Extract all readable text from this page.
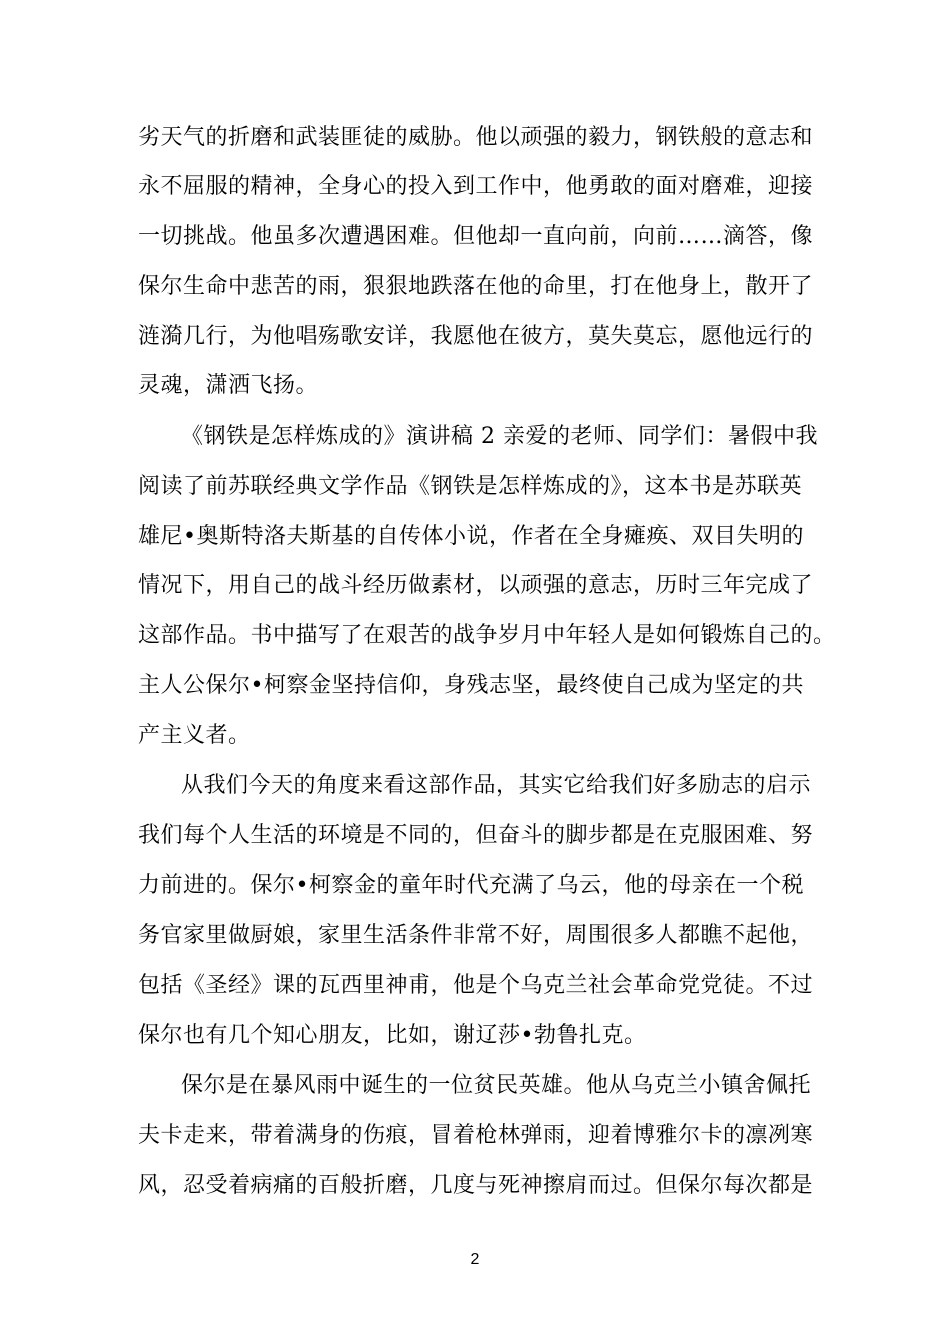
劣天气的折磨和武装匪徒的威胁。他以顽强的毅力，钢铁般的意志和
永不屈服的精神，全身心的投入到工作中，他勇敢的面对磨难，迎接
一切挑战。他虽多次遭遇困难。但他却一直向前，向前……滴答，像
保尔生命中悲苦的雨，狠狠地跌落在他的命里，打在他身上，散开了
涟漪几行，为他唱殇歌安详，我愿他在彼方，莫失莫忘，愿他远行的
灵魂，潇洒飞扬。
《钢铁是怎样炼成的》演讲稿 2 亲爱的老师、同学们：暑假中我
阅读了前苏联经典文学作品《钢铁是怎样炼成的》，这本书是苏联英
雄尼•奥斯特洛夫斯基的自传体小说，作者在全身瘫痪、双目失明的
情况下，用自己的战斗经历做素材，以顽强的意志，历时三年完成了
这部作品。书中描写了在艰苦的战争岁月中年轻人是如何锻炼自己的。
主人公保尔•柯察金坚持信仰，身残志坚，最终使自己成为坚定的共
产主义者。
从我们今天的角度来看这部作品，其实它给我们好多励志的启示
我们每个人生活的环境是不同的，但奋斗的脚步都是在克服困难、努
力前进的。保尔•柯察金的童年时代充满了乌云，他的母亲在一个税
务官家里做厨娘，家里生活条件非常不好，周围很多人都瞧不起他，
包括《圣经》课的瓦西里神甫，他是个乌克兰社会革命党党徒。不过
保尔也有几个知心朋友，比如，谢辽莎•勃鲁扎克。
保尔是在暴风雨中诞生的一位贫民英雄。他从乌克兰小镇舍佩托
夫卡走来，带着满身的伤痕，冒着枪林弹雨，迎着博雅尔卡的凛冽寒
风，忍受着病痛的百般折磨，几度与死神擦肩而过。但保尔每次都是
2
